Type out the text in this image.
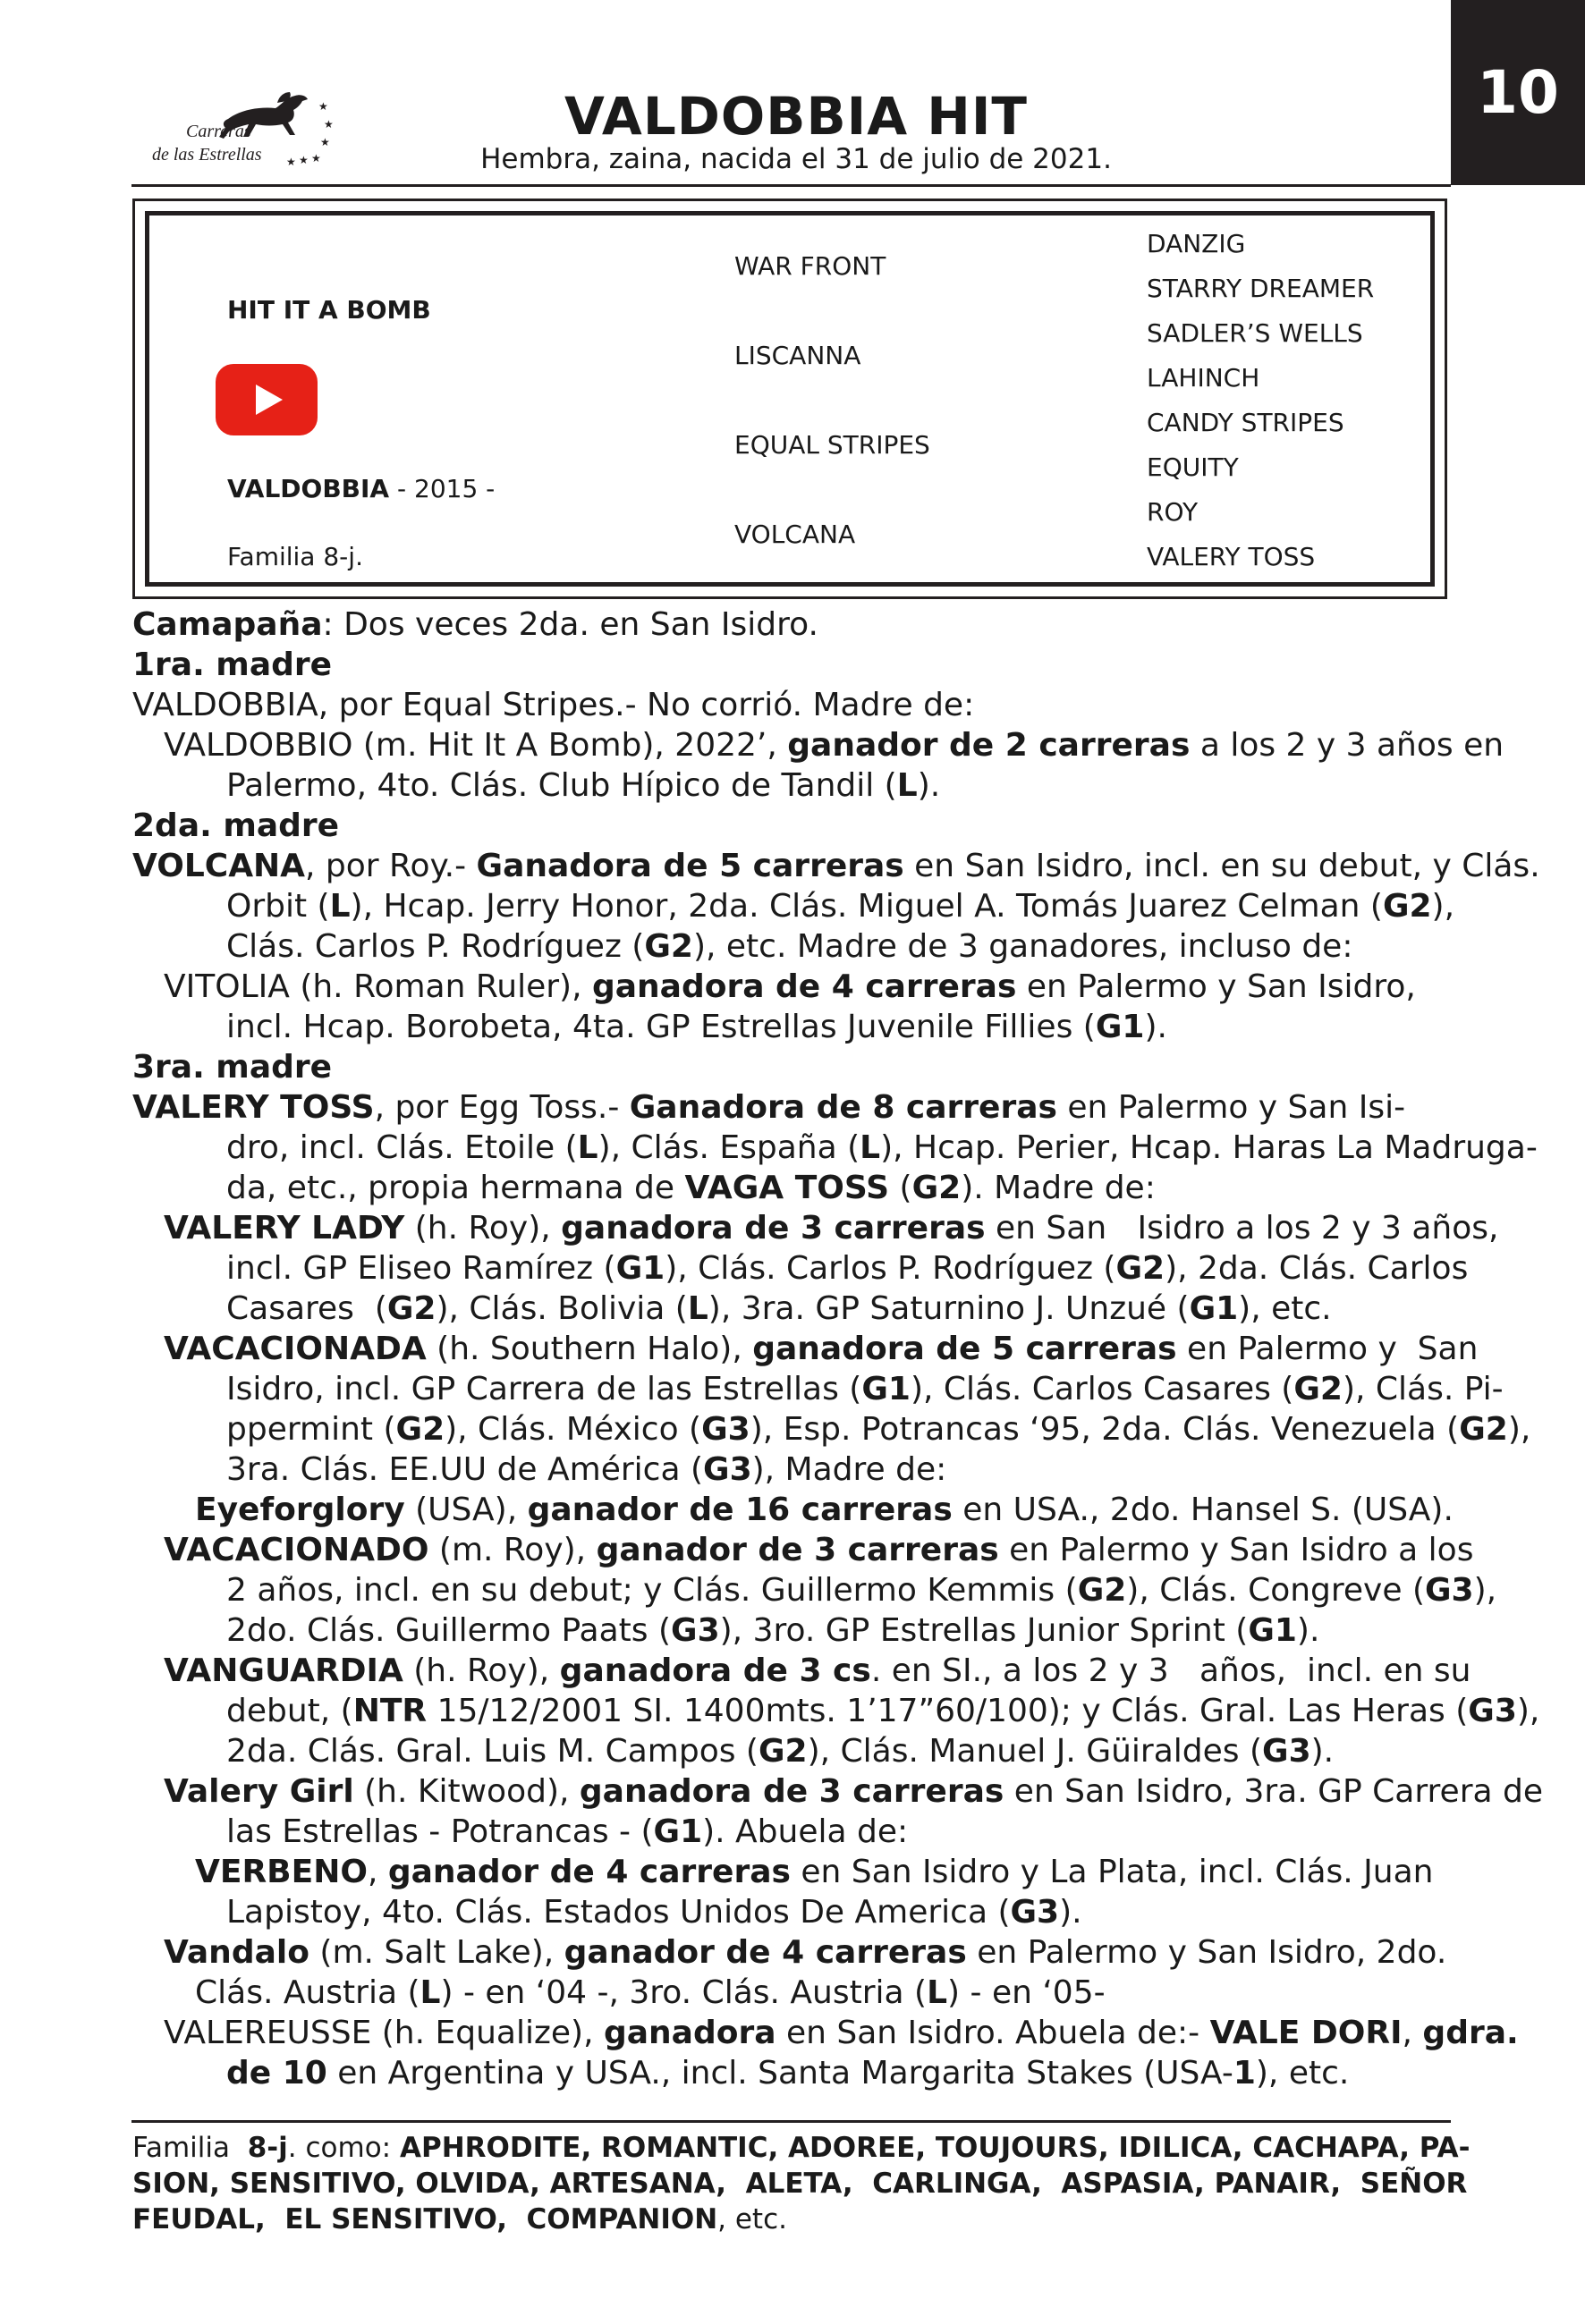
10
Carreras
de las Estrellas
★
★
★
★
★
★
VALDOBBIA HIT
Hembra, zaina, nacida el 31 de julio de 2021.
HIT IT A BOMB
VALDOBBIA - 2015 -
Familia 8-j.
WAR FRONT
LISCANNA
EQUAL STRIPES
VOLCANA
DANZIG
STARRY DREAMER
SADLER’S WELLS
LAHINCH
CANDY STRIPES
EQUITY
ROY
VALERY TOSS
Camapaña: Dos veces 2da. en San Isidro.
1ra. madre
VALDOBBIA, por Equal Stripes.- No corrió. Madre de:
VALDOBBIO (m. Hit It A Bomb), 2022’, ganador de 2 carreras a los 2 y 3 años en
Palermo, 4to. Clás. Club Hípico de Tandil (L).
2da. madre
VOLCANA, por Roy.- Ganadora de 5 carreras en San Isidro, incl. en su debut, y Clás.
Orbit (L), Hcap. Jerry Honor, 2da. Clás. Miguel A. Tomás Juarez Celman (G2),
Clás. Carlos P. Rodríguez (G2), etc. Madre de 3 ganadores, incluso de:
VITOLIA (h. Roman Ruler), ganadora de 4 carreras en Palermo y San Isidro,
incl. Hcap. Borobeta, 4ta. GP Estrellas Juvenile Fillies (G1).
3ra. madre
VALERY TOSS, por Egg Toss.- Ganadora de 8 carreras en Palermo y San Isi-
dro, incl. Clás. Etoile (L), Clás. España (L), Hcap. Perier, Hcap. Haras La Madruga-
da, etc., propia hermana de VAGA TOSS (G2). Madre de:
VALERY LADY (h. Roy), ganadora de 3 carreras en San   Isidro a los 2 y 3 años,
incl. GP Eliseo Ramírez (G1), Clás. Carlos P. Rodríguez (G2), 2da. Clás. Carlos
Casares  (G2), Clás. Bolivia (L), 3ra. GP Saturnino J. Unzué (G1), etc.
VACACIONADA (h. Southern Halo), ganadora de 5 carreras en Palermo y  San
Isidro, incl. GP Carrera de las Estrellas (G1), Clás. Carlos Casares (G2), Clás. Pi-
ppermint (G2), Clás. México (G3), Esp. Potrancas ‘95, 2da. Clás. Venezuela (G2),
3ra. Clás. EE.UU de América (G3), Madre de:
Eyeforglory (USA), ganador de 16 carreras en USA., 2do. Hansel S. (USA).
VACACIONADO (m. Roy), ganador de 3 carreras en Palermo y San Isidro a los
2 años, incl. en su debut; y Clás. Guillermo Kemmis (G2), Clás. Congreve (G3),
2do. Clás. Guillermo Paats (G3), 3ro. GP Estrellas Junior Sprint (G1).
VANGUARDIA (h. Roy), ganadora de 3 cs. en SI., a los 2 y 3   años,  incl. en su
debut, (NTR 15/12/2001 SI. 1400mts. 1’17”60/100); y Clás. Gral. Las Heras (G3),
2da. Clás. Gral. Luis M. Campos (G2), Clás. Manuel J. Güiraldes (G3).
Valery Girl (h. Kitwood), ganadora de 3 carreras en San Isidro, 3ra. GP Carrera de
las Estrellas - Potrancas - (G1). Abuela de:
VERBENO, ganador de 4 carreras en San Isidro y La Plata, incl. Clás. Juan
Lapistoy, 4to. Clás. Estados Unidos De America (G3).
Vandalo (m. Salt Lake), ganador de 4 carreras en Palermo y San Isidro, 2do.
Clás. Austria (L) - en ‘04 -, 3ro. Clás. Austria (L) - en ‘05-
VALEREUSSE (h. Equalize), ganadora en San Isidro. Abuela de:- VALE DORI, gdra.
de 10 en Argentina y USA., incl. Santa Margarita Stakes (USA-1), etc.
Familia  8-j. como: APHRODITE, ROMANTIC, ADOREE, TOUJOURS, IDILICA, CACHAPA, PA-
SION, SENSITIVO, OLVIDA, ARTESANA,  ALETA,  CARLINGA,  ASPASIA, PANAIR,  SEÑOR
FEUDAL,  EL SENSITIVO,  COMPANION, etc.
